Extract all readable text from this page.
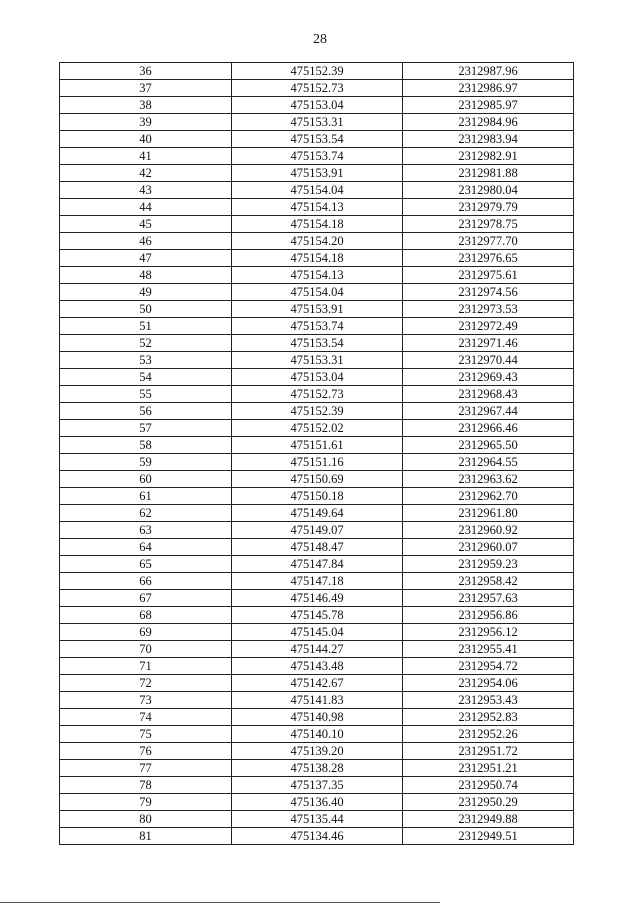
28
36	475152.39	2312987.96
37	475152.73	2312986.97
38	475153.04	2312985.97
39	475153.31	2312984.96
40	475153.54	2312983.94
41	475153.74	2312982.91
42	475153.91	2312981.88
43	475154.04	2312980.04
44	475154.13	2312979.79
45	475154.18	2312978.75
46	475154.20	2312977.70
47	475154.18	2312976.65
48	475154.13	2312975.61
49	475154.04	2312974.56
50	475153.91	2312973.53
51	475153.74	2312972.49
52	475153.54	2312971.46
53	475153.31	2312970.44
54	475153.04	2312969.43
55	475152.73	2312968.43
56	475152.39	2312967.44
57	475152.02	2312966.46
58	475151.61	2312965.50
59	475151.16	2312964.55
60	475150.69	2312963.62
61	475150.18	2312962.70
62	475149.64	2312961.80
63	475149.07	2312960.92
64	475148.47	2312960.07
65	475147.84	2312959.23
66	475147.18	2312958.42
67	475146.49	2312957.63
68	475145.78	2312956.86
69	475145.04	2312956.12
70	475144.27	2312955.41
71	475143.48	2312954.72
72	475142.67	2312954.06
73	475141.83	2312953.43
74	475140.98	2312952.83
75	475140.10	2312952.26
76	475139.20	2312951.72
77	475138.28	2312951.21
78	475137.35	2312950.74
79	475136.40	2312950.29
80	475135.44	2312949.88
81	475134.46	2312949.51
